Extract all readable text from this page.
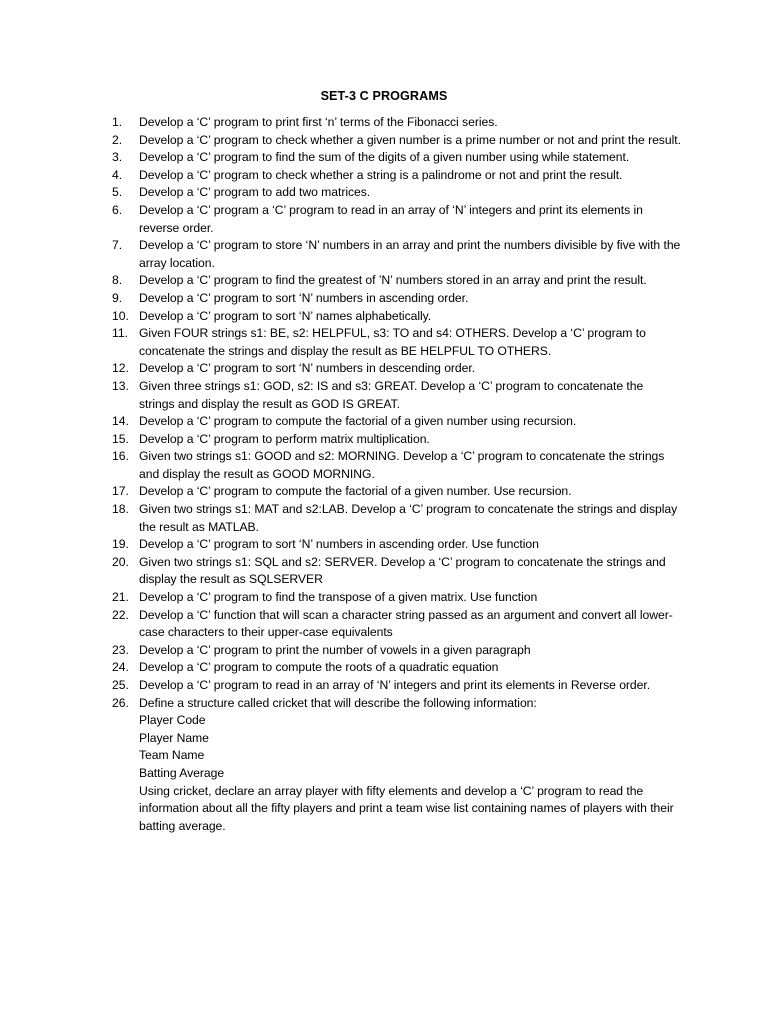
SET-3 C PROGRAMS
1.	Develop a ‘C’ program to print first ‘n’ terms of the Fibonacci series.
2.	Develop a ‘C’ program to check whether a given number is a prime number or not and print the result.
3.	Develop a ‘C’ program to find the sum of the digits of a given number using while statement.
4.	Develop a ‘C’ program to check whether a string is a palindrome or not and print the result.
5.	Develop a ‘C’ program to add two matrices.
6.	Develop a ‘C’ program a ‘C’ program to read in an array of ‘N’ integers and print its elements in reverse order.
7.	Develop a ‘C’ program to store ‘N’ numbers in an array and print the numbers divisible by five with the array location.
8.	Develop a ‘C’ program to find the greatest of ’N’ numbers stored in an array and print the result.
9.	Develop a ‘C’ program to sort ‘N’ numbers in ascending order.
10. Develop a ‘C’ program to sort ‘N’ names alphabetically.
11. Given FOUR strings s1: BE, s2: HELPFUL, s3: TO and s4: OTHERS. Develop a ‘C’ program to concatenate the strings and display the result as BE HELPFUL TO OTHERS.
12. Develop a ‘C’ program to sort ‘N’ numbers in descending order.
13. Given three strings s1: GOD, s2: IS and s3: GREAT. Develop a ‘C’ program to concatenate the strings and display the result as GOD IS GREAT.
14. Develop a ‘C’ program to compute the factorial of a given number using recursion.
15. Develop a ‘C’ program to perform matrix multiplication.
16. Given two strings s1: GOOD and s2: MORNING. Develop a ‘C’ program to concatenate the strings and display the result as GOOD MORNING.
17. Develop a ‘C’ program to compute the factorial of a given number. Use recursion.
18. Given two strings s1: MAT and s2:LAB. Develop a ‘C’ program to concatenate the strings and display the result as MATLAB.
19. Develop a ‘C’ program to sort ‘N’ numbers in ascending order. Use function
20. Given two strings s1: SQL and s2: SERVER. Develop a ‘C’ program to concatenate the strings and display the result as SQLSERVER
21. Develop a ‘C’ program to find the transpose of a given matrix. Use function
22. Develop a ‘C’ function that will scan a character string passed as an argument and convert all lower-case characters to their upper-case equivalents
23. Develop a ‘C’ program to print the number of vowels in a given paragraph
24. Develop a ‘C’ program to compute the roots of a quadratic equation
25. Develop a ‘C’ program to read in an array of ‘N’ integers and print its elements in Reverse order.
26. Define a structure called cricket that will describe the following information:
Player Code
Player Name
Team Name
Batting Average
Using cricket, declare an array player with fifty elements and develop a ‘C’ program to read the information about all the fifty players and print a team wise list containing names of players with their batting average.
